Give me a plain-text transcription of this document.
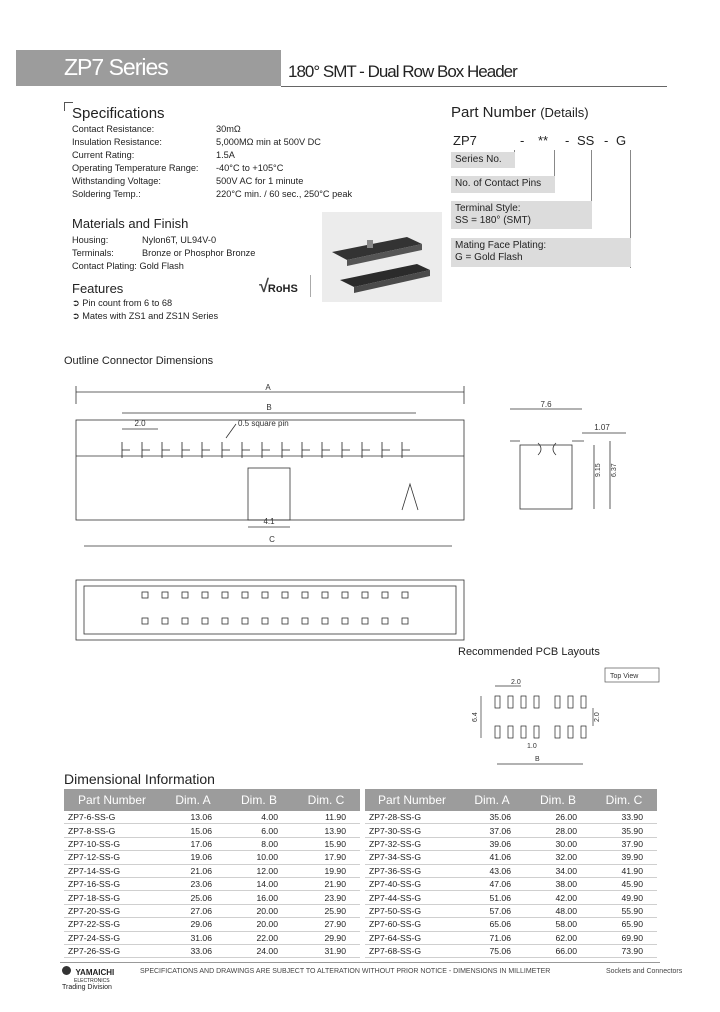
ZP7 Series	180° SMT - Dual Row Box Header
Specifications
Contact Resistance:	30mΩ
Insulation Resistance:	5,000MΩ min at 500V DC
Current Rating:	1.5A
Operating Temperature Range: -40°C to +105°C
Withstanding Voltage:	500V AC for 1 minute
Soldering Temp.:	220°C min. / 60 sec., 250°C peak
Materials and Finish
Housing:	Nylon6T, UL94V-0
Terminals:	Bronze or Phosphor Bronze
Contact Plating: Gold Flash
Features
➲ Pin count from 6 to 68
➲ Mates with ZS1 and ZS1N Series
√RoHS
Part Number (Details)
ZP7	- ** - SS - G
Series No.
No. of Contact Pins
Terminal Style:
SS = 180° (SMT)
Mating Face Plating:
G = Gold Flash
Outline Connector Dimensions
A
B
2.0	0.5 square pin
4.1
C
7.6
1.07
9.15 6.37
Recommended PCB Layouts
Top View
2.0
6.4	2.0
1.0
B
Dimensional Information
Part Number	Dim. A	Dim. B	Dim. C
ZP7-6-SS-G	13.06	4.00	11.90
ZP7-8-SS-G	15.06	6.00	13.90
ZP7-10-SS-G	17.06	8.00	15.90
ZP7-12-SS-G	19.06	10.00	17.90
ZP7-14-SS-G	21.06	12.00	19.90
ZP7-16-SS-G	23.06	14.00	21.90
ZP7-18-SS-G	25.06	16.00	23.90
ZP7-20-SS-G	27.06	20.00	25.90
ZP7-22-SS-G	29.06	20.00	27.90
ZP7-24-SS-G	31.06	22.00	29.90
ZP7-26-SS-G	33.06	24.00	31.90
Part Number	Dim. A	Dim. B	Dim. C
ZP7-28-SS-G	35.06	26.00	33.90
ZP7-30-SS-G	37.06	28.00	35.90
ZP7-32-SS-G	39.06	30.00	37.90
ZP7-34-SS-G	41.06	32.00	39.90
ZP7-36-SS-G	43.06	34.00	41.90
ZP7-40-SS-G	47.06	38.00	45.90
ZP7-44-SS-G	51.06	42.00	49.90
ZP7-50-SS-G	57.06	48.00	55.90
ZP7-60-SS-G	65.06	58.00	65.90
ZP7-64-SS-G	71.06	62.00	69.90
ZP7-68-SS-G	75.06	66.00	73.90
YAMAICHI
ELECTRONICS
Trading Division
SPECIFICATIONS AND DRAWINGS ARE SUBJECT TO ALTERATION WITHOUT PRIOR NOTICE - DIMENSIONS IN MILLIMETER	Sockets and Connectors
